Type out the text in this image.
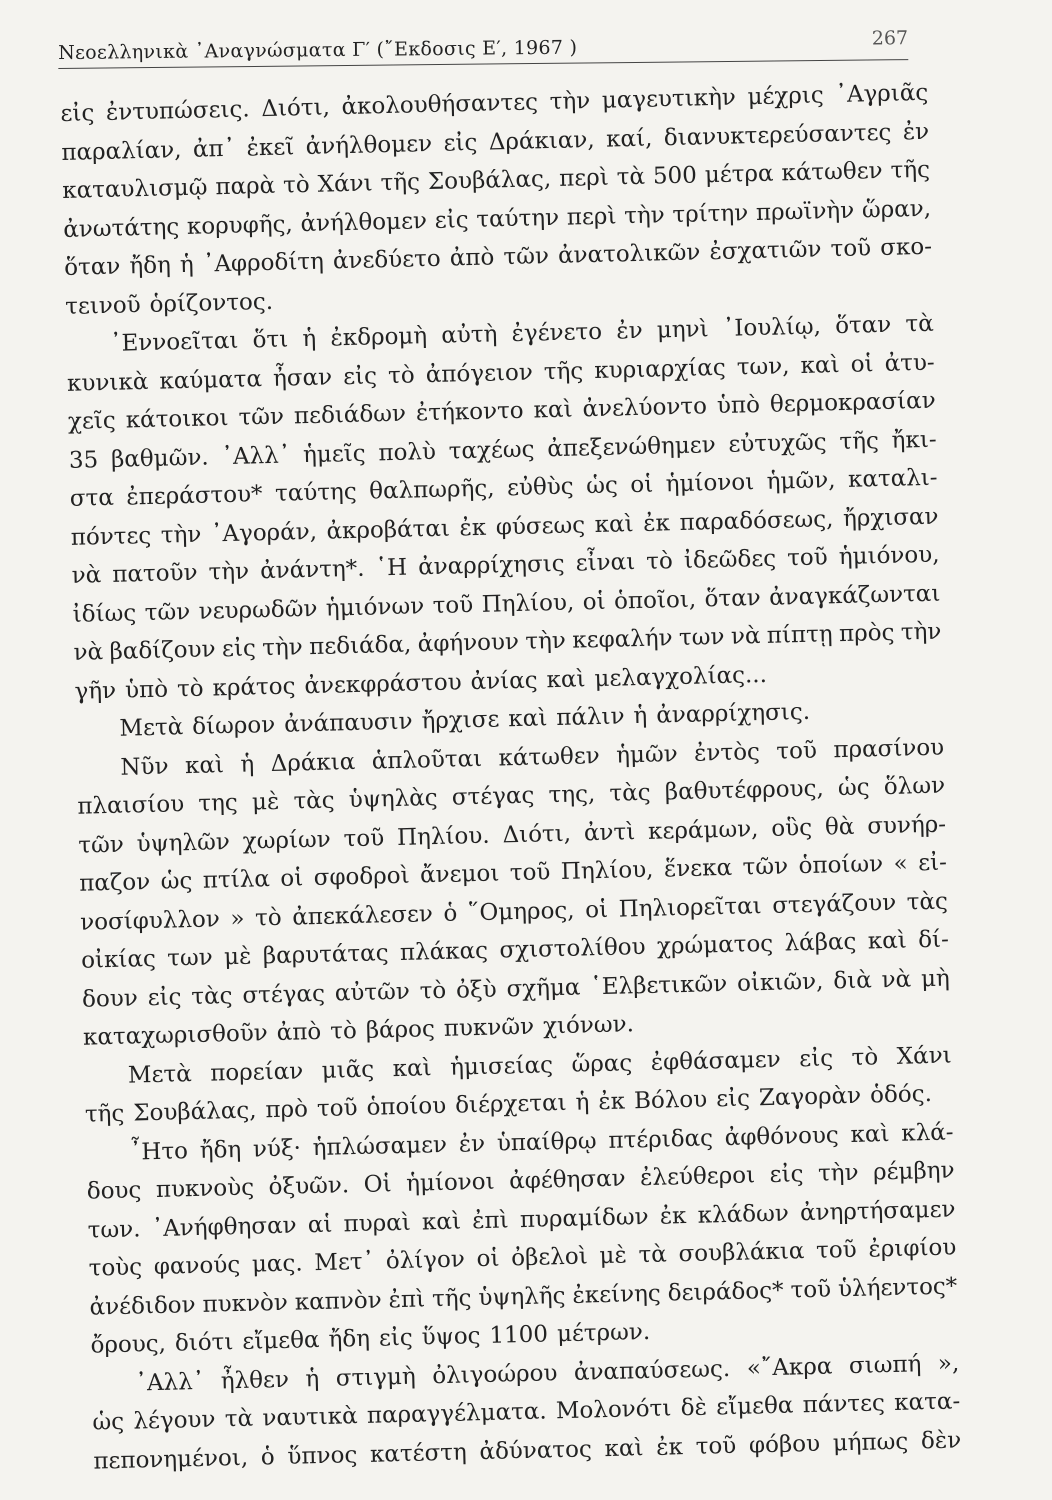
Νεοελληνικὰ ᾿Αναγνώσματα Γ′ (῎Εκδοσις Ε′, 1967 )	267
εἰς ἐντυπώσεις. Διότι, ἀκολουθήσαντες τὴν μαγευτικὴν μέχρις ᾿Αγριᾶς
παραλίαν, ἀπ᾿ ἐκεῖ ἀνήλθομεν εἰς Δράκιαν, καί, διανυκτερεύσαντες ἐν
καταυλισμῷ παρὰ τὸ Χάνι τῆς Σουβάλας, περὶ τὰ 500 μέτρα κάτωθεν τῆς
ἀνωτάτης κορυφῆς, ἀνήλθομεν εἰς ταύτην περὶ τὴν τρίτην πρωϊνὴν ὥραν,
ὅταν ἤδη ἡ ᾿Αφροδίτη ἀνεδύετο ἀπὸ τῶν ἀνατολικῶν ἐσχατιῶν τοῦ σκο-
τεινοῦ ὁρίζοντος.
᾿Εννοεῖται ὅτι ἡ ἐκδρομὴ αὐτὴ ἐγένετο ἐν μηνὶ ᾿Ιουλίῳ, ὅταν τὰ
κυνικὰ καύματα ἦσαν εἰς τὸ ἀπόγειον τῆς κυριαρχίας των, καὶ οἱ ἀτυ-
χεῖς κάτοικοι τῶν πεδιάδων ἐτήκοντο καὶ ἀνελύοντο ὑπὸ θερμοκρασίαν
35 βαθμῶν. ᾿Αλλ᾿ ἡμεῖς πολὺ ταχέως ἀπεξενώθημεν εὐτυχῶς τῆς ἤκι-
στα ἐπεράστου* ταύτης θαλπωρῆς, εὐθὺς ὡς οἱ ἡμίονοι ἡμῶν, καταλι-
πόντες τὴν ᾿Αγοράν, ἀκροβάται ἐκ φύσεως καὶ ἐκ παραδόσεως, ἤρχισαν
νὰ πατοῦν τὴν ἀνάντη*. ῾Η ἀναρρίχησις εἶναι τὸ ἰδεῶδες τοῦ ἡμιόνου,
ἰδίως τῶν νευρωδῶν ἡμιόνων τοῦ Πηλίου, οἱ ὁποῖοι, ὅταν ἀναγκάζωνται
νὰ βαδίζουν εἰς τὴν πεδιάδα, ἀφήνουν τὴν κεφαλήν των νὰ πίπτῃ πρὸς τὴν
γῆν ὑπὸ τὸ κράτος ἀνεκφράστου ἀνίας καὶ μελαγχολίας...
Μετὰ δίωρον ἀνάπαυσιν ἤρχισε καὶ πάλιν ἡ ἀναρρίχησις.
Νῦν καὶ ἡ Δράκια ἁπλοῦται κάτωθεν ἡμῶν ἐντὸς τοῦ πρασίνου
πλαισίου της μὲ τὰς ὑψηλὰς στέγας της, τὰς βαθυτέφρους, ὡς ὅλων
τῶν ὑψηλῶν χωρίων τοῦ Πηλίου. Διότι, ἀντὶ κεράμων, οὓς θὰ συνήρ-
παζον ὡς πτίλα οἱ σφοδροὶ ἄνεμοι τοῦ Πηλίου, ἕνεκα τῶν ὁποίων « εἰ-
νοσίφυλλον » τὸ ἀπεκάλεσεν ὁ ῞Ομηρος, οἱ Πηλιορεῖται στεγάζουν τὰς
οἰκίας των μὲ βαρυτάτας πλάκας σχιστολίθου χρώματος λάβας καὶ δί-
δουν εἰς τὰς στέγας αὐτῶν τὸ ὀξὺ σχῆμα ῾Ελβετικῶν οἰκιῶν, διὰ νὰ μὴ
καταχωρισθοῦν ἀπὸ τὸ βάρος πυκνῶν χιόνων.
Μετὰ πορείαν μιᾶς καὶ ἡμισείας ὥρας ἐφθάσαμεν εἰς τὸ Χάνι
τῆς Σουβάλας, πρὸ τοῦ ὁποίου διέρχεται ἡ ἐκ Βόλου εἰς Ζαγορὰν ὁδός.
῏Ητο ἤδη νύξ· ἡπλώσαμεν ἐν ὑπαίθρῳ πτέριδας ἀφθόνους καὶ κλά-
δους πυκνοὺς ὀξυῶν. Οἱ ἡμίονοι ἀφέθησαν ἐλεύθεροι εἰς τὴν ρέμβην
των. ᾿Ανήφθησαν αἱ πυραὶ καὶ ἐπὶ πυραμίδων ἐκ κλάδων ἀνηρτήσαμεν
τοὺς φανούς μας. Μετ᾿ ὀλίγον οἱ ὀβελοὶ μὲ τὰ σουβλάκια τοῦ ἐριφίου
ἀνέδιδον πυκνὸν καπνὸν ἐπὶ τῆς ὑψηλῆς ἐκείνης δειράδος* τοῦ ὑλήεντος*
ὄρους, διότι εἴμεθα ἤδη εἰς ὕψος 1100 μέτρων.
᾿Αλλ᾿ ἦλθεν ἡ στιγμὴ ὀλιγοώρου ἀναπαύσεως. «῎Ακρα σιωπή »,
ὡς λέγουν τὰ ναυτικὰ παραγγέλματα. Μολονότι δὲ εἴμεθα πάντες κατα-
πεπονημένοι, ὁ ὕπνος κατέστη ἀδύνατος καὶ ἐκ τοῦ φόβου μήπως δὲν
